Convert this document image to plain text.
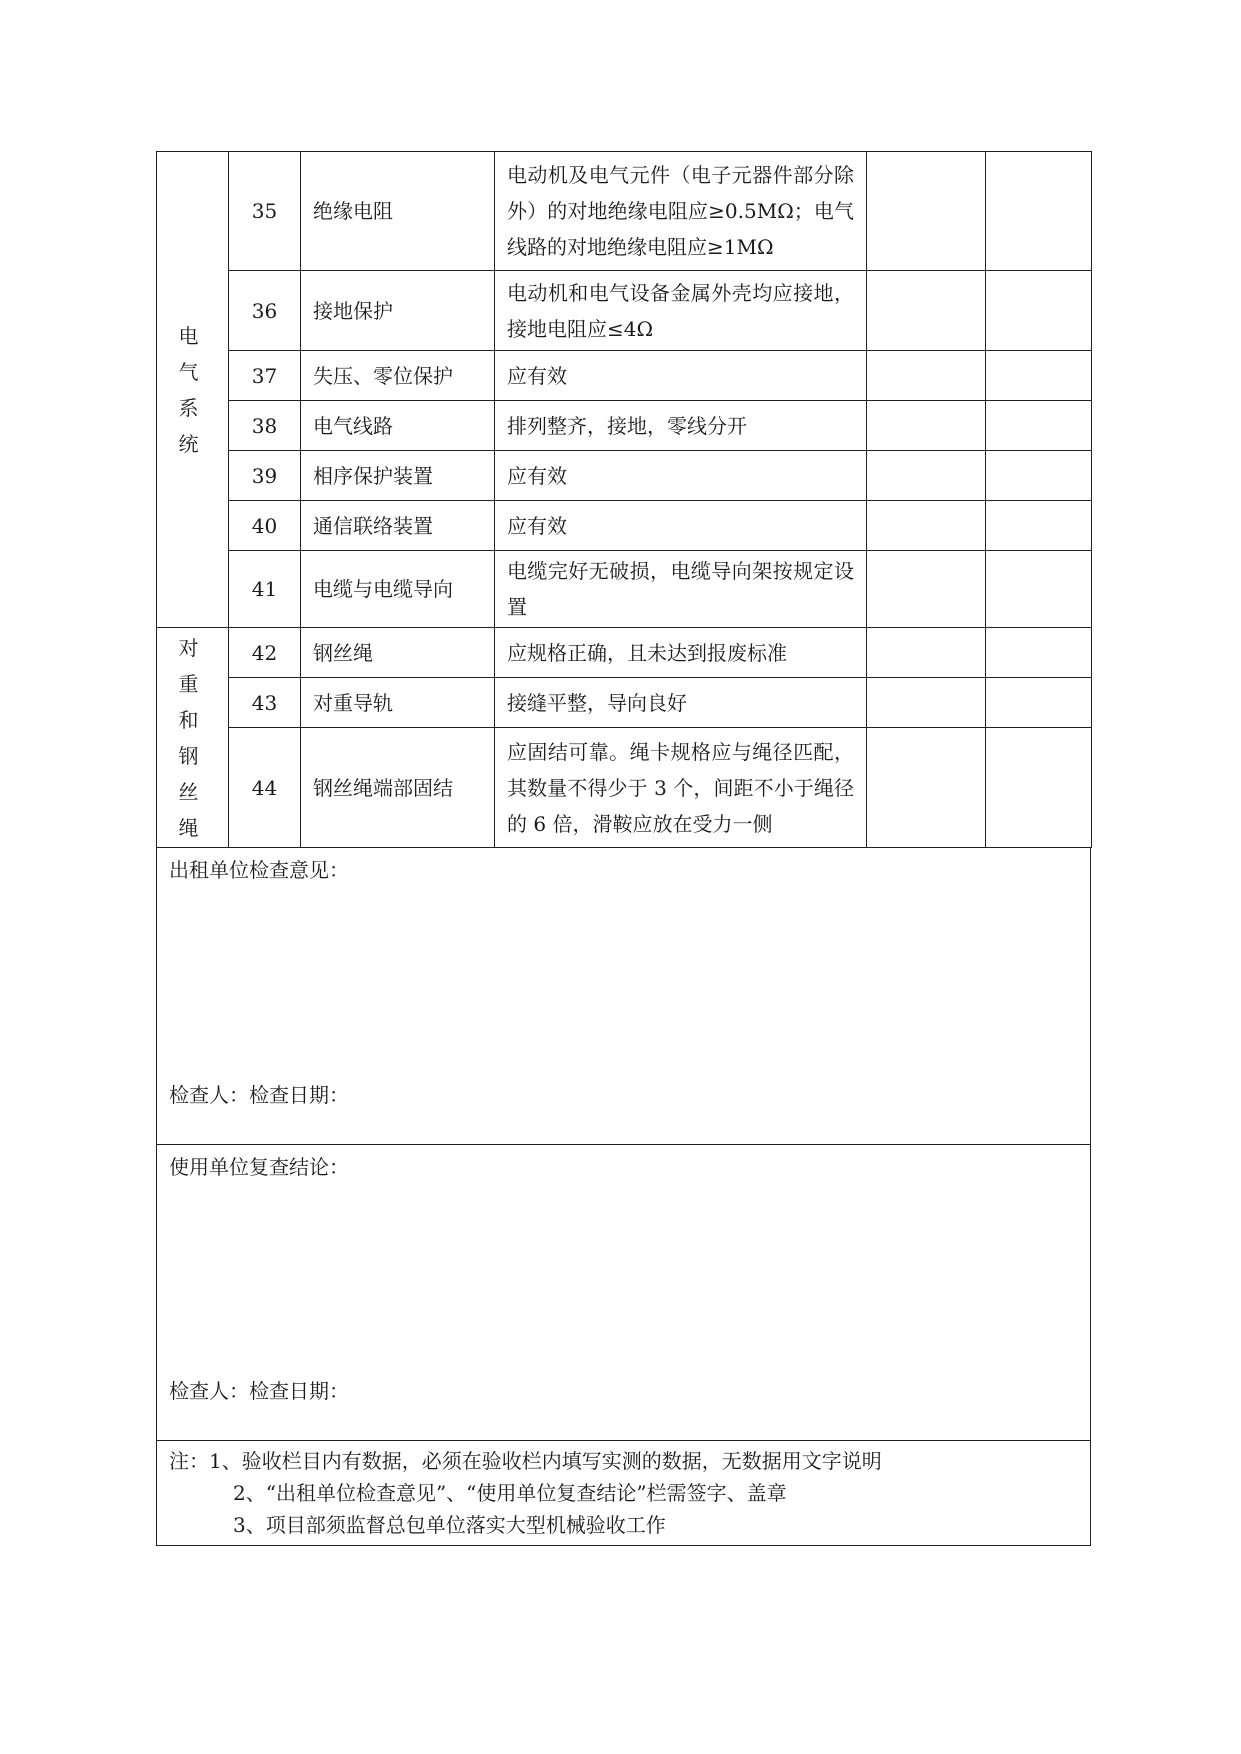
电气系统	35	绝缘电阻	电动机及电气元件（电子元器件部分除外）的对地绝缘电阻应≥0.5MΩ；电气线路的对地绝缘电阻应≥1MΩ		
	36	接地保护	电动机和电气设备金属外壳均应接地，接地电阻应≤4Ω		
	37	失压、零位保护	应有效		
	38	电气线路	排列整齐，接地，零线分开		
	39	相序保护装置	应有效		
	40	通信联络装置	应有效		
	41	电缆与电缆导向	电缆完好无破损，电缆导向架按规定设置		
对重和钢丝绳	42	钢丝绳	应规格正确，且未达到报废标准		
	43	对重导轨	接缝平整，导向良好		
	44	钢丝绳端部固结	应固结可靠。绳卡规格应与绳径匹配，其数量不得少于 3 个，间距不小于绳径的 6 倍，滑鞍应放在受力一侧		
出租单位检查意见：
检查人：检查日期：
使用单位复查结论：
检查人：检查日期：
注：1、验收栏目内有数据，必须在验收栏内填写实测的数据，无数据用文字说明
2、“出租单位检查意见”、“使用单位复查结论”栏需签字、盖章
3、项目部须监督总包单位落实大型机械验收工作
